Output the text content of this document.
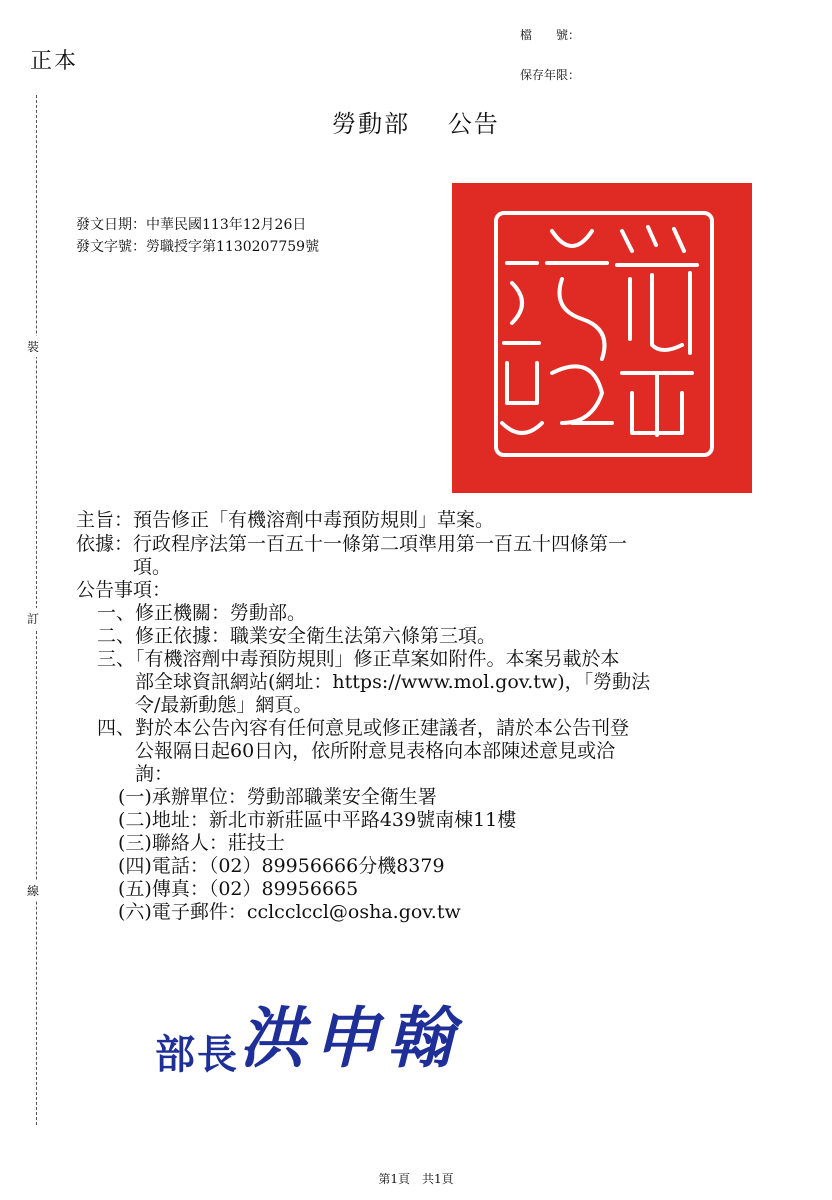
正本
檔　　號：
保存年限：
裝
訂
線
勞動部 公告
發文日期：中華民國113年12月26日
發文字號：勞職授字第1130207759號
主旨：預告修正「有機溶劑中毒預防規則」草案。
依據：行政程序法第一百五十一條第二項準用第一百五十四條第一
項。
公告事項：
一、修正機關：勞動部。
二、修正依據：職業安全衛生法第六條第三項。
三、「有機溶劑中毒預防規則」修正草案如附件。本案另載於本
部全球資訊網站(網址：https://www.mol.gov.tw)，「勞動法
令/最新動態」網頁。
四、對於本公告內容有任何意見或修正建議者，請於本公告刊登
公報隔日起60日內，依所附意見表格向本部陳述意見或洽
詢：
(一)承辦單位：勞動部職業安全衛生署
(二)地址：新北市新莊區中平路439號南棟11樓
(三)聯絡人：莊技士
(四)電話：（02）89956666分機8379
(五)傳真：（02）89956665
(六)電子郵件：cclcclccl@osha.gov.tw
部長洪申翰
第1頁 共1頁
